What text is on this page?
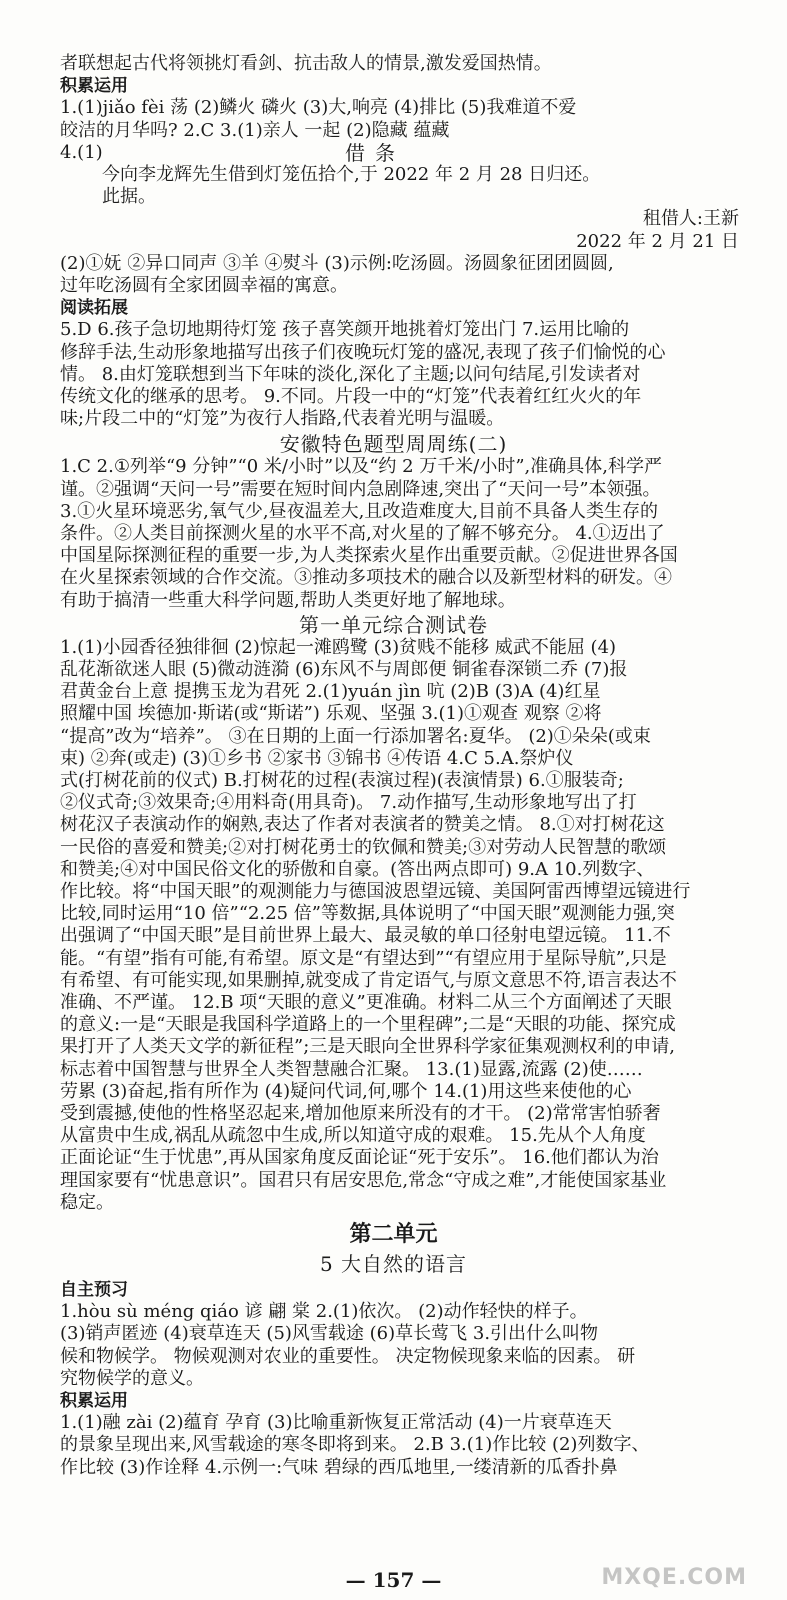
者联想起古代将领挑灯看剑、抗击敌人的情景,激发爱国热情。
积累运用
1.(1)jiǎo fèi 荡 (2)鳞火 磷火 (3)大,响亮 (4)排比 (5)我难道不爱
皎洁的月华吗? 2.C 3.(1)亲人 一起 (2)隐藏 蕴藏
4.(1)	借条
今向李龙辉先生借到灯笼伍拾个,于 2022 年 2 月 28 日归还。
此据。
租借人:王新
2022 年 2 月 21 日
(2)①妩 ②异口同声 ③羊 ④熨斗 (3)示例:吃汤圆。汤圆象征团团圆圆,
过年吃汤圆有全家团圆幸福的寓意。
阅读拓展
5.D 6.孩子急切地期待灯笼 孩子喜笑颜开地挑着灯笼出门 7.运用比喻的
修辞手法,生动形象地描写出孩子们夜晚玩灯笼的盛况,表现了孩子们愉悦的心
情。 8.由灯笼联想到当下年味的淡化,深化了主题;以问句结尾,引发读者对
传统文化的继承的思考。 9.不同。片段一中的“灯笼”代表着红红火火的年
味;片段二中的“灯笼”为夜行人指路,代表着光明与温暖。
安徽特色题型周周练(二)
1.C 2.①列举“9 分钟”“0 米/小时”以及“约 2 万千米/小时”,准确具体,科学严
谨。②强调“天问一号”需要在短时间内急剧降速,突出了“天问一号”本领强。
3.①火星环境恶劣,氧气少,昼夜温差大,且改造难度大,目前不具备人类生存的
条件。②人类目前探测火星的水平不高,对火星的了解不够充分。 4.①迈出了
中国星际探测征程的重要一步,为人类探索火星作出重要贡献。②促进世界各国
在火星探索领域的合作交流。③推动多项技术的融合以及新型材料的研发。④
有助于搞清一些重大科学问题,帮助人类更好地了解地球。
第一单元综合测试卷
1.(1)小园香径独徘徊 (2)惊起一滩鸥鹭 (3)贫贱不能移 威武不能屈 (4)
乱花渐欲迷人眼 (5)微动涟漪 (6)东风不与周郎便 铜雀春深锁二乔 (7)报
君黄金台上意 提携玉龙为君死 2.(1)yuán jìn 吭 (2)B (3)A (4)红星
照耀中国 埃德加·斯诺(或“斯诺”) 乐观、坚强 3.(1)①观查 观察 ②将
“提高”改为“培养”。 ③在日期的上面一行添加署名:夏华。 (2)①朵朵(或束
束) ②奔(或走) (3)①乡书 ②家书 ③锦书 ④传语 4.C 5.A.祭炉仪
式(打树花前的仪式) B.打树花的过程(表演过程)(表演情景) 6.①服装奇;
②仪式奇;③效果奇;④用料奇(用具奇)。 7.动作描写,生动形象地写出了打
树花汉子表演动作的娴熟,表达了作者对表演者的赞美之情。 8.①对打树花这
一民俗的喜爱和赞美;②对打树花勇士的钦佩和赞美;③对劳动人民智慧的歌颂
和赞美;④对中国民俗文化的骄傲和自豪。(答出两点即可) 9.A 10.列数字、
作比较。将“中国天眼”的观测能力与德国波恩望远镜、美国阿雷西博望远镜进行
比较,同时运用“10 倍”“2.25 倍”等数据,具体说明了“中国天眼”观测能力强,突
出强调了“中国天眼”是目前世界上最大、最灵敏的单口径射电望远镜。 11.不
能。“有望”指有可能,有希望。原文是“有望达到”“有望应用于星际导航”,只是
有希望、有可能实现,如果删掉,就变成了肯定语气,与原文意思不符,语言表达不
准确、不严谨。 12.B 项“天眼的意义”更准确。材料二从三个方面阐述了天眼
的意义:一是“天眼是我国科学道路上的一个里程碑”;二是“天眼的功能、探究成
果打开了人类天文学的新征程”;三是天眼向全世界科学家征集观测权利的申请,
标志着中国智慧与世界全人类智慧融合汇聚。 13.(1)显露,流露 (2)使……
劳累 (3)奋起,指有所作为 (4)疑问代词,何,哪个 14.(1)用这些来使他的心
受到震撼,使他的性格坚忍起来,增加他原来所没有的才干。 (2)常常害怕骄奢
从富贵中生成,祸乱从疏忽中生成,所以知道守成的艰难。 15.先从个人角度
正面论证“生于忧患”,再从国家角度反面论证“死于安乐”。 16.他们都认为治
理国家要有“忧患意识”。国君只有居安思危,常念“守成之难”,才能使国家基业
稳定。
第二单元
5 大自然的语言
自主预习
1.hòu sù méng qiáo 谚 翩 棠 2.(1)依次。 (2)动作轻快的样子。
(3)销声匿迹 (4)衰草连天 (5)风雪载途 (6)草长莺飞 3.引出什么叫物
候和物候学。 物候观测对农业的重要性。 决定物候现象来临的因素。 研
究物候学的意义。
积累运用
1.(1)融 zài (2)蕴育 孕育 (3)比喻重新恢复正常活动 (4)一片衰草连天
的景象呈现出来,风雪载途的寒冬即将到来。 2.B 3.(1)作比较 (2)列数字、
作比较 (3)作诠释 4.示例一:气味 碧绿的西瓜地里,一缕清新的瓜香扑鼻
— 157 —	MXQE.COM
